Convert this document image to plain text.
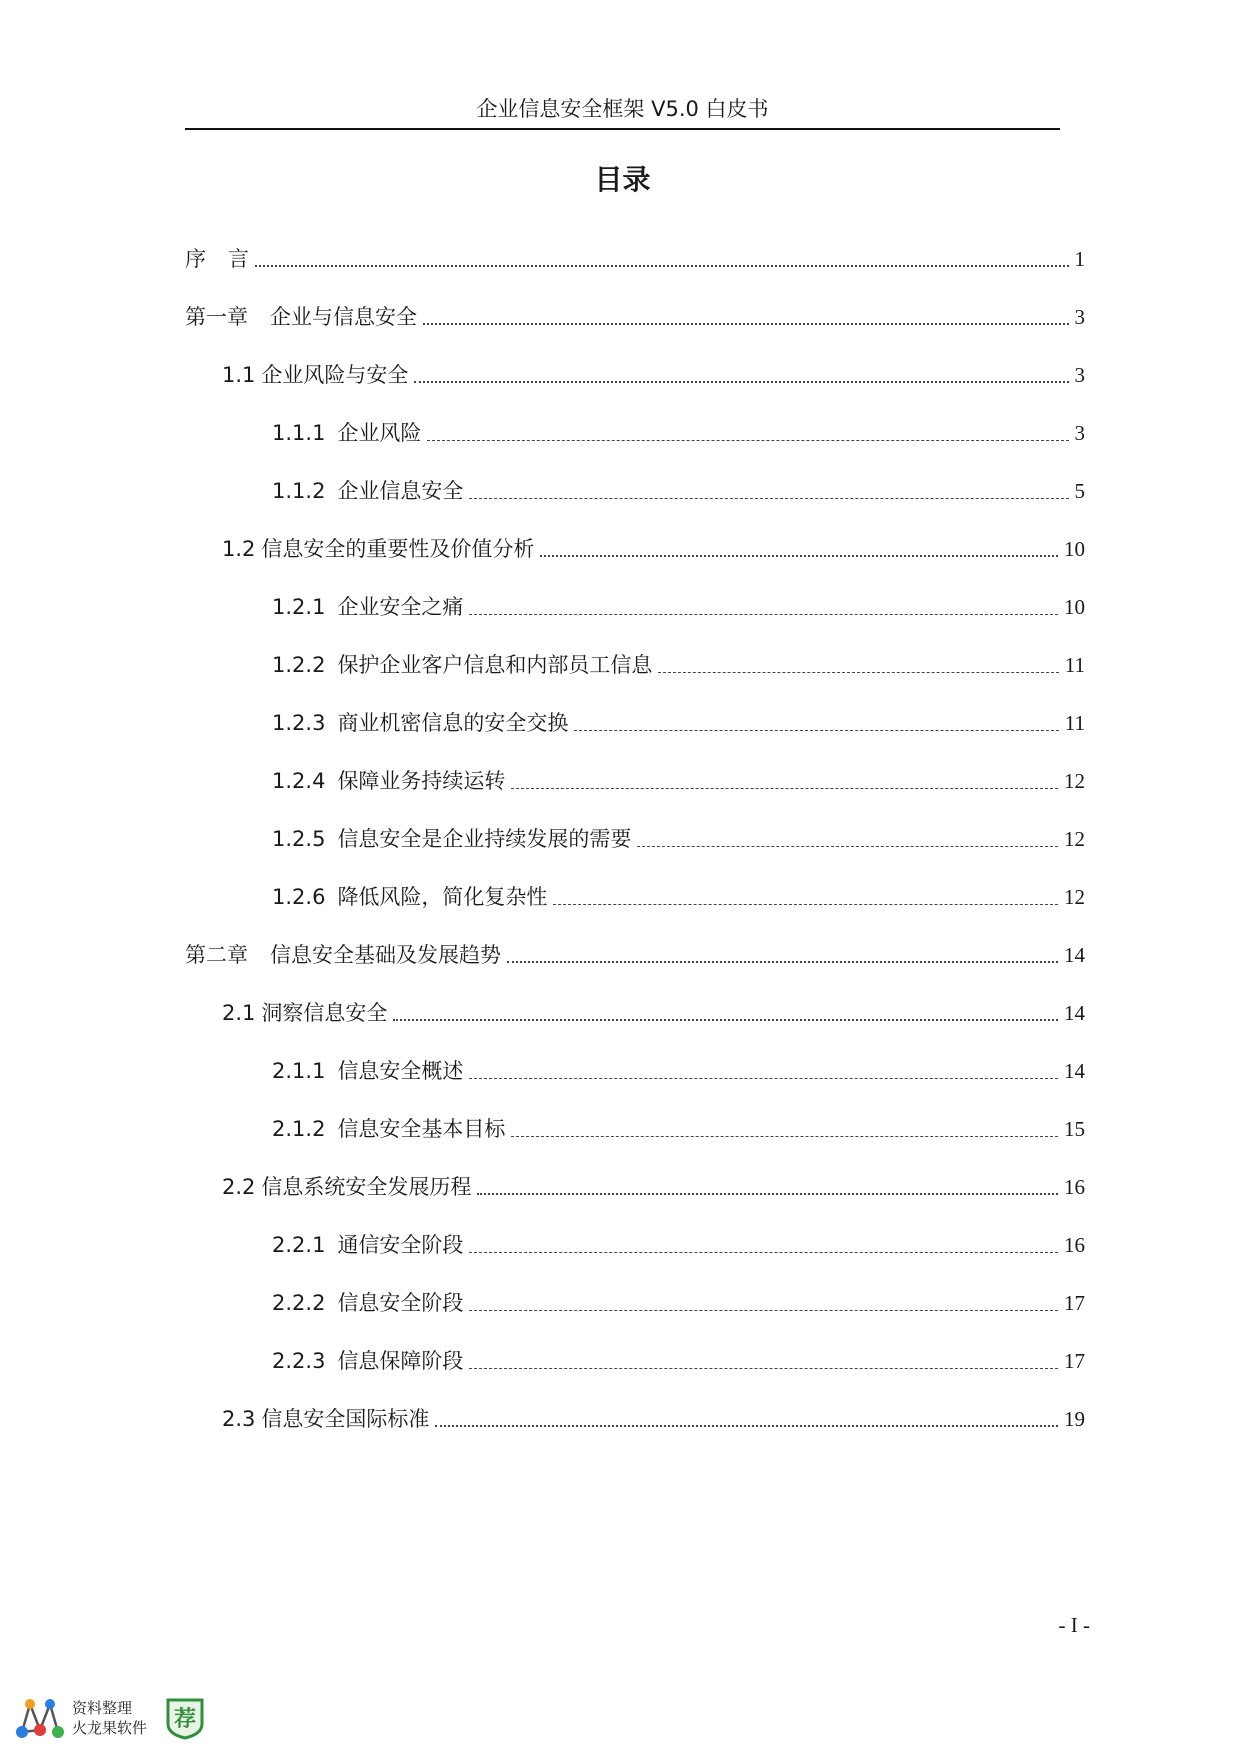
企业信息安全框架 V5.0 白皮书
目录
序 言	1
第一章 企业与信息安全	3
1.1 企业风险与安全	3
1.1.1 企业风险	3
1.1.2 企业信息安全	5
1.2 信息安全的重要性及价值分析	10
1.2.1 企业安全之痛	10
1.2.2 保护企业客户信息和内部员工信息	11
1.2.3 商业机密信息的安全交换	11
1.2.4 保障业务持续运转	12
1.2.5 信息安全是企业持续发展的需要	12
1.2.6 降低风险，简化复杂性	12
第二章 信息安全基础及发展趋势	14
2.1 洞察信息安全	14
2.1.1 信息安全概述	14
2.1.2 信息安全基本目标	15
2.2 信息系统安全发展历程	16
2.2.1 通信安全阶段	16
2.2.2 信息安全阶段	17
2.2.3 信息保障阶段	17
2.3 信息安全国际标准	19
- I -
资料整理
火龙果软件 荐
